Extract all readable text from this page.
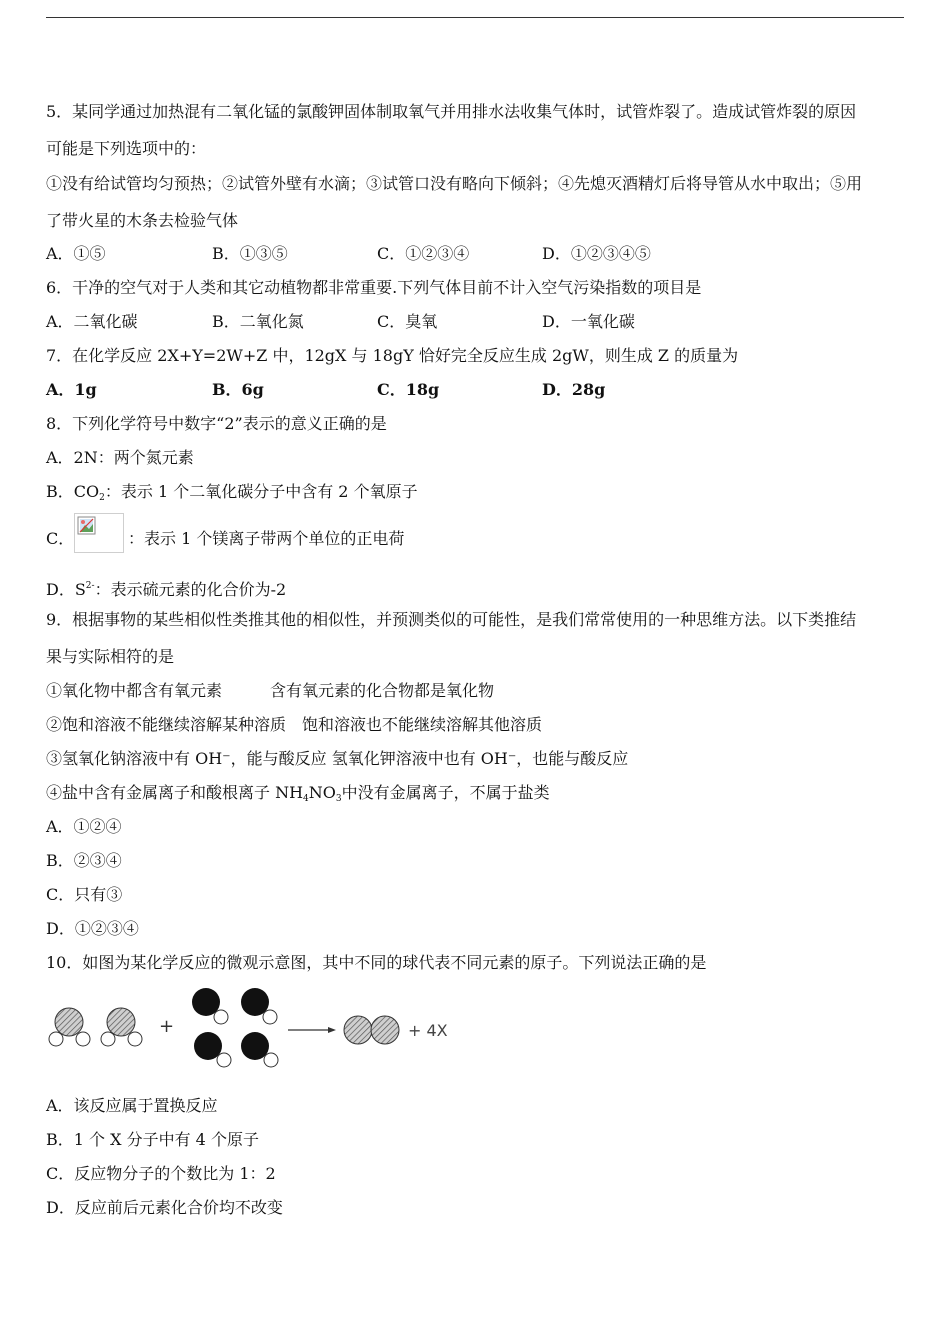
5．某同学通过加热混有二氧化锰的氯酸钾固体制取氧气并用排水法收集气体时，试管炸裂了。造成试管炸裂的原因
可能是下列选项中的：
①没有给试管均匀预热；②试管外壁有水滴；③试管口没有略向下倾斜；④先熄灭酒精灯后将导管从水中取出；⑤用
了带火星的木条去检验气体
A．①⑤	B．①③⑤	C．①②③④	D．①②③④⑤
6．干净的空气对于人类和其它动植物都非常重要.下列气体目前不计入空气污染指数的项目是
A．二氧化碳	B．二氧化氮	C．臭氧	D．一氧化碳
7．在化学反应 2X+Y=2W+Z 中，12gX 与 18gY 恰好完全反应生成 2gW，则生成 Z 的质量为
A．1g	B．6g	C．18g	D．28g
8．下列化学符号中数字“2”表示的意义正确的是
A．2N：两个氮元素
B．$CO_2$：表示 1 个二氧化碳分子中含有 2 个氧原子
C．	：表示 1 个镁离子带两个单位的正电荷
D．$S^{2-}$：表示硫元素的化合价为-2
9．根据事物的某些相似性类推其他的相似性，并预测类似的可能性，是我们常常使用的一种思维方法。以下类推结
果与实际相符的是
①氧化物中都含有氧元素　　　含有氧元素的化合物都是氧化物
②饱和溶液不能继续溶解某种溶质　饱和溶液也不能继续溶解其他溶质
③氢氧化钠溶液中有 OH⁻，能与酸反应 氢氧化钾溶液中也有 OH⁻，也能与酸反应
④盐中含有金属离子和酸根离子 $NH_4NO_3$中没有金属离子，不属于盐类
A．①②④
B．②③④
C．只有③
D．①②③④
10．如图为某化学反应的微观示意图，其中不同的球代表不同元素的原子。下列说法正确的是
+	+ 4X
A．该反应属于置换反应
B．1 个 X 分子中有 4 个原子
C．反应物分子的个数比为 1：2
D．反应前后元素化合价均不改变
